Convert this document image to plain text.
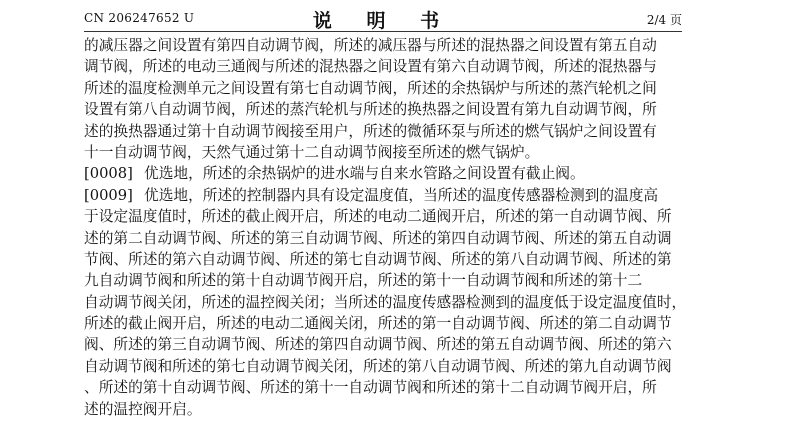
CN 206247652 U	说 明 书	2/4 页
的减压器之间设置有第四自动调节阀，所述的减压器与所述的混热器之间设置有第五自动
调节阀，所述的电动三通阀与所述的混热器之间设置有第六自动调节阀，所述的混热器与
所述的温度检测单元之间设置有第七自动调节阀，所述的余热锅炉与所述的蒸汽轮机之间
设置有第八自动调节阀，所述的蒸汽轮机与所述的换热器之间设置有第九自动调节阀，所
述的换热器通过第十自动调节阀接至用户，所述的微循环泵与所述的燃气锅炉之间设置有
十一自动调节阀，天然气通过第十二自动调节阀接至所述的燃气锅炉。
[0008] 优选地，所述的余热锅炉的进水端与自来水管路之间设置有截止阀。
[0009] 优选地，所述的控制器内具有设定温度值，当所述的温度传感器检测到的温度高
于设定温度值时，所述的截止阀开启，所述的电动二通阀开启，所述的第一自动调节阀、所
述的第二自动调节阀、所述的第三自动调节阀、所述的第四自动调节阀、所述的第五自动调
节阀、所述的第六自动调节阀、所述的第七自动调节阀、所述的第八自动调节阀、所述的第
九自动调节阀和所述的第十自动调节阀开启，所述的第十一自动调节阀和所述的第十二
自动调节阀关闭，所述的温控阀关闭；当所述的温度传感器检测到的温度低于设定温度值时，
所述的截止阀开启，所述的电动二通阀关闭，所述的第一自动调节阀、所述的第二自动调节
阀、所述的第三自动调节阀、所述的第四自动调节阀、所述的第五自动调节阀、所述的第六
自动调节阀和所述的第七自动调节阀关闭，所述的第八自动调节阀、所述的第九自动调节阀
、所述的第十自动调节阀、所述的第十一自动调节阀和所述的第十二自动调节阀开启，所
述的温控阀开启。
